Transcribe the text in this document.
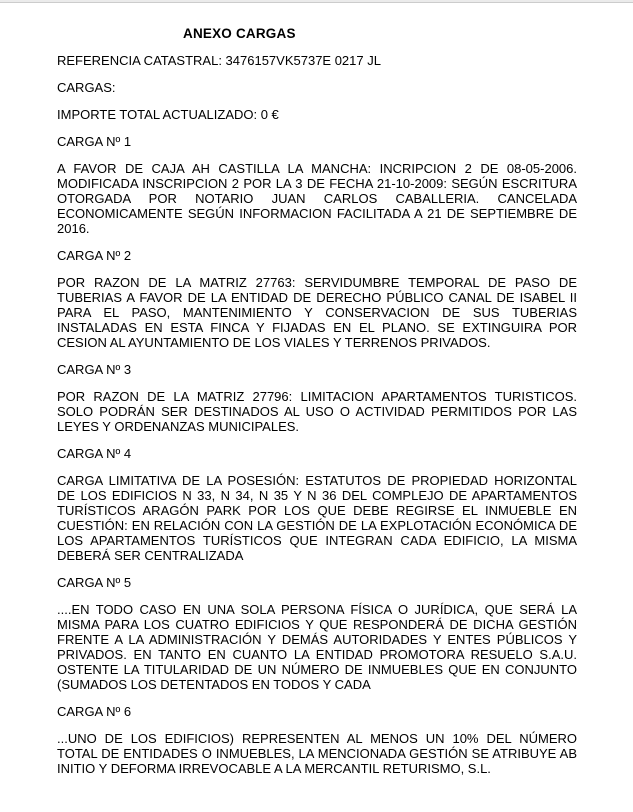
ANEXO CARGAS
REFERENCIA CATASTRAL: 3476157VK5737E 0217 JL
CARGAS:
IMPORTE TOTAL ACTUALIZADO: 0 €
CARGA Nº 1
A FAVOR DE CAJA AH CASTILLA LA MANCHA: INCRIPCION 2 DE 08-05-2006. MODIFICADA INSCRIPCION 2 POR LA 3 DE FECHA 21-10-2009: SEGÚN ESCRITURA OTORGADA POR NOTARIO JUAN CARLOS CABALLERIA. CANCELADA ECONOMICAMENTE SEGÚN INFORMACION FACILITADA A 21 DE SEPTIEMBRE DE 2016.
CARGA Nº 2
POR RAZON DE LA MATRIZ 27763: SERVIDUMBRE TEMPORAL DE PASO DE TUBERIAS A FAVOR DE LA ENTIDAD DE DERECHO PÚBLICO CANAL DE ISABEL II PARA EL PASO, MANTENIMIENTO Y CONSERVACION DE SUS TUBERIAS INSTALADAS EN ESTA FINCA Y FIJADAS EN EL PLANO. SE EXTINGUIRA POR CESION AL AYUNTAMIENTO DE LOS VIALES Y TERRENOS PRIVADOS.
CARGA Nº 3
POR RAZON DE LA MATRIZ 27796: LIMITACION APARTAMENTOS TURISTICOS. SOLO PODRÁN SER DESTINADOS AL USO O ACTIVIDAD PERMITIDOS POR LAS LEYES Y ORDENANZAS MUNICIPALES.
CARGA Nº 4
CARGA LIMITATIVA DE LA POSESIÓN: ESTATUTOS DE PROPIEDAD HORIZONTAL DE LOS EDIFICIOS N 33, N 34, N 35 Y N 36 DEL COMPLEJO DE APARTAMENTOS TURÍSTICOS ARAGÓN PARK POR LOS QUE DEBE REGIRSE EL INMUEBLE EN CUESTIÓN: EN RELACIÓN CON LA GESTIÓN DE LA EXPLOTACIÓN ECONÓMICA DE LOS APARTAMENTOS TURÍSTICOS QUE INTEGRAN CADA EDIFICIO, LA MISMA DEBERÁ SER CENTRALIZADA
CARGA Nº 5
....EN TODO CASO EN UNA SOLA PERSONA FÍSICA O JURÍDICA, QUE SERÁ LA MISMA PARA LOS CUATRO EDIFICIOS Y QUE RESPONDERÁ DE DICHA GESTIÓN FRENTE A LA ADMINISTRACIÓN Y DEMÁS AUTORIDADES Y ENTES PÚBLICOS Y PRIVADOS. EN TANTO EN CUANTO LA ENTIDAD PROMOTORA RESUELO S.A.U. OSTENTE LA TITULARIDAD DE UN NÚMERO DE INMUEBLES QUE EN CONJUNTO (SUMADOS LOS DETENTADOS EN TODOS Y CADA
CARGA Nº 6
...UNO DE LOS EDIFICIOS) REPRESENTEN AL MENOS UN 10% DEL NÚMERO TOTAL DE ENTIDADES O INMUEBLES, LA MENCIONADA GESTIÓN SE ATRIBUYE AB INITIO Y DEFORMA IRREVOCABLE A LA MERCANTIL RETURISMO, S.L.
